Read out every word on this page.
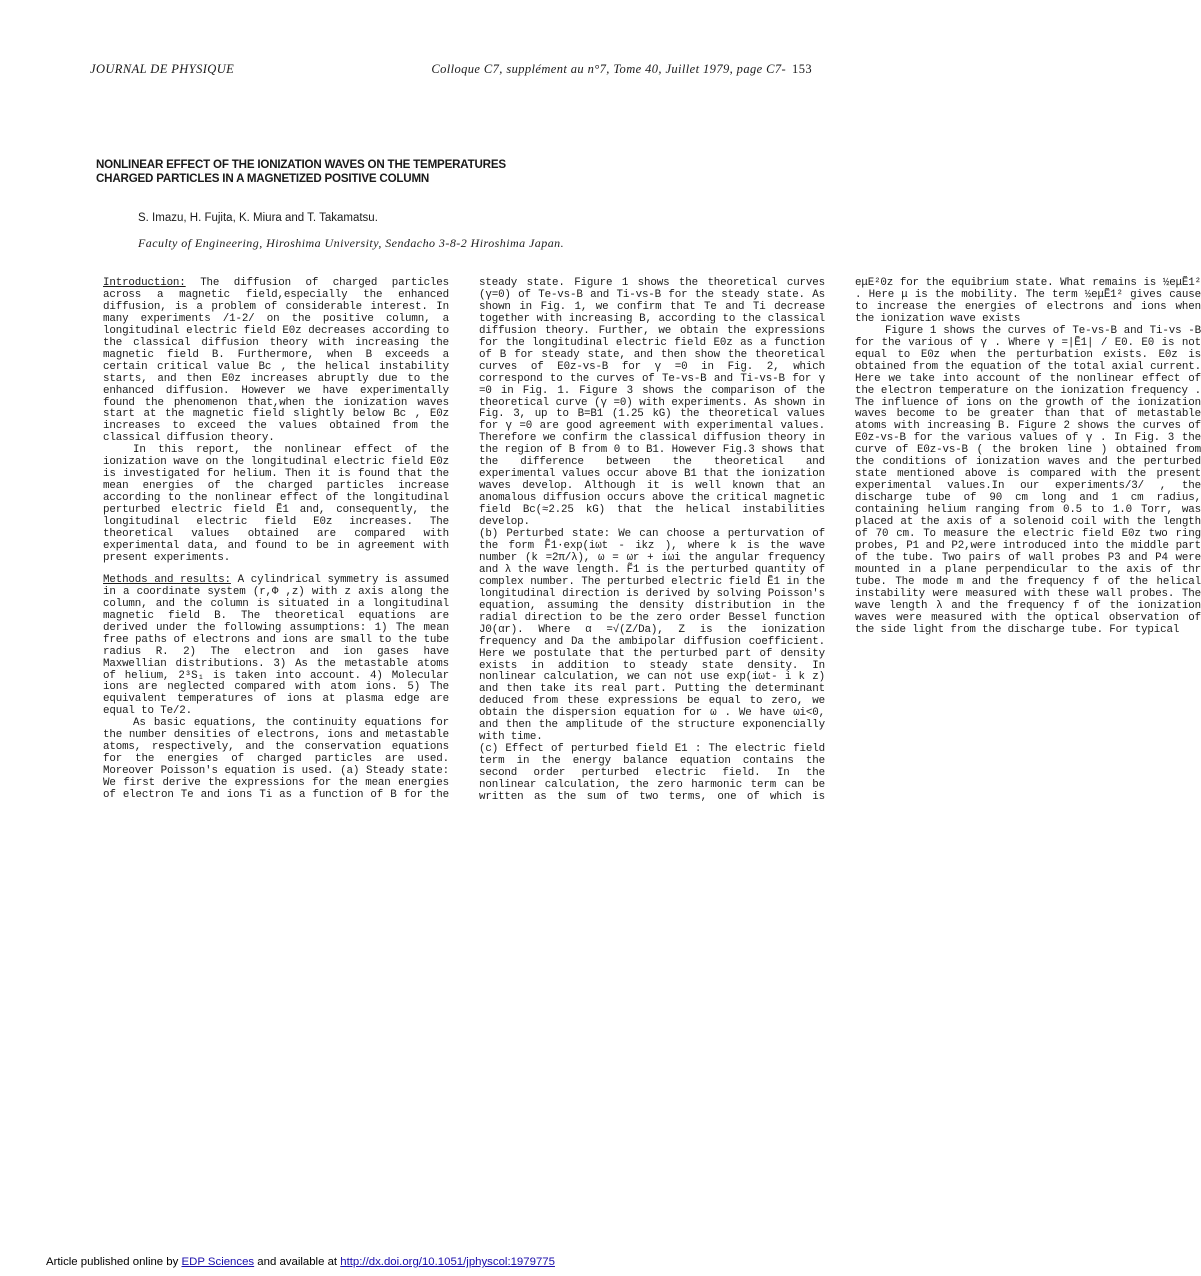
JOURNAL DE PHYSIQUE	Colloque C7, supplément au n°7, Tome 40, Juillet 1979, page C7- 153
NONLINEAR EFFECT OF THE IONIZATION WAVES ON THE TEMPERATURES
CHARGED PARTICLES IN A MAGNETIZED POSITIVE COLUMN
S. Imazu, H. Fujita, K. Miura and T. Takamatsu.
Faculty of Engineering, Hiroshima University, Sendacho 3-8-2 Hiroshima Japan.

Introduction: The diffusion of charged particles across a magnetic field,especially the enhanced diffusion, is a problem of considerable interest. In many experiments /1-2/ on the positive column, a longitudinal electric field E0z decreases according to the classical diffusion theory with increasing the magnetic field B. Furthermore, when B exceeds a certain critical value Bc , the helical instability starts, and then E0z increases abruptly due to the enhanced diffusion. However we have experimentally found the phenomenon that,when the ionization waves start at the magnetic field slightly below Bc , E0z increases to exceed the values obtained from the classical diffusion theory.

In this report, the nonlinear effect of the ionization wave on the longitudinal electric field E0z is investigated for helium. Then it is found that the mean energies of the charged particles increase according to the nonlinear effect of the longitudinal perturbed electric field Ẽ1 and, consequently, the longitudinal electric field E0z increases. The theoretical values obtained are compared with experimental data, and found to be in agreement with present experiments.

Methods and results: A cylindrical symmetry is assumed in a coordinate system (r,Φ ,z) with z axis along the column, and the column is situated in a longitudinal magnetic field B. The theoretical equations are derived under the following assumptions: 1) The mean free paths of electrons and ions are small to the tube radius R. 2) The electron and ion gases have Maxwellian distributions. 3) As the metastable atoms of helium, 2³S₁ is taken into account. 4) Molecular ions are neglected compared with atom ions. 5) The equivalent temperatures of ions at plasma edge are equal to Te/2.

As basic equations, the continuity equations for the number densities of electrons, ions and metastable atoms, respectively, and the conservation equations for the energies of charged particles are used. Moreover Poisson's equation is used. (a) Steady state: We first derive the expressions for the mean energies of electron Te and ions Ti as a function of B for the steady state. Figure 1 shows the theoretical curves (γ=0) of Te-vs-B and Ti-vs-B for the steady state. As shown in Fig. 1, we confirm that Te and Ti decrease together with increasing B, according to the classical diffusion theory. Further, we obtain the expressions for the longitudinal electric field E0z as a function of B for steady state, and then show the theoretical curves of E0z-vs-B for γ =0 in Fig. 2, which correspond to the curves of Te-vs-B and Ti-vs-B for γ =0 in Fig. 1. Figure 3 shows the comparison of the theoretical curve (γ =0) with experiments. As shown in Fig. 3, up to B=B1 (1.25 kG) the theoretical values for γ =0 are good agreement with experimental values. Therefore we confirm the classical diffusion theory in the region of B from 0 to B1. However Fig.3 shows that the difference between the theoretical and experimental values occur above B1 that the ionization waves develop. Although it is well known that an anomalous diffusion occurs above the critical magnetic field Bc(≈2.25 kG) that the helical instabilities develop.

(b) Perturbed state: We can choose a perturvation of the form F̃1·exp(iωt - ikz ), where k is the wave number (k =2π/λ), ω = ωr + iωi the angular frequency and λ the wave length. F̃1 is the perturbed quantity of complex number. The perturbed electric field Ẽ1 in the longitudinal direction is derived by solving Poisson's equation, assuming the density distribution in the radial direction to be the zero order Bessel function J0(αr). Where α =√(Z/Da), Z is the ionization frequency and Da the ambipolar diffusion coefficient. Here we postulate that the perturbed part of density exists in addition to steady state density. In nonlinear calculation, we can not use exp(iωt- i k z) and then take its real part. Putting the determinant deduced from these expressions be equal to zero, we obtain the dispersion equation for ω . We have ωi<0, and then the amplitude of the structure exponencially with time.

(c) Effect of perturbed field E1 : The electric field term in the energy balance equation contains the second order perturbed electric field. In the nonlinear calculation, the zero harmonic term can be written as the sum of two terms, one of which is eμE²0z for the equibrium state. What remains is ½eμẼ1² . Here μ is the mobility. The term ½eμẼ1² gives cause to increase the energies of electrons and ions when the ionization wave exists

Figure 1 shows the curves of Te-vs-B and Ti-vs -B for the various of γ . Where γ =|Ẽ1| / E0. E0 is not equal to E0z when the perturbation exists. E0z is obtained from the equation of the total axial current. Here we take into account of the nonlinear effect of the electron temperature on the ionization frequency . The influence of ions on the growth of the ionization waves become to be greater than that of metastable atoms with increasing B. Figure 2 shows the curves of E0z-vs-B for the various values of γ . In Fig. 3 the curve of E0z-vs-B ( the broken line ) obtained from the conditions of ionization waves and the perturbed state mentioned above is compared with the present experimental values.In our experiments/3/ , the discharge tube of 90 cm long and 1 cm radius, containing helium ranging from 0.5 to 1.0 Torr, was placed at the axis of a solenoid coil with the length of 70 cm. To measure the electric field E0z two ring probes, P1 and P2,were introduced into the middle part of the tube. Two pairs of wall probes P3 and P4 were mounted in a plane perpendicular to the axis of thr tube. The mode m and the frequency f of the helical instability were measured with these wall probes. The wave length λ and the frequency f of the ionization waves were measured with the optical observation of the side light from the discharge tube. For typical

Article published online by EDP Sciences and available at http://dx.doi.org/10.1051/jphyscol:1979775
